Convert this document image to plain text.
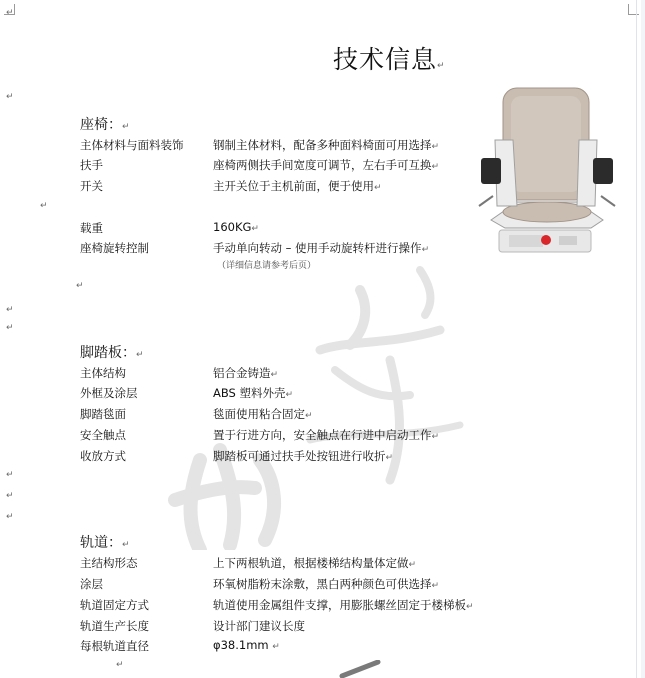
技术信息↵
↵
↵
↵
↵
↵
↵
↵
↵
↵
↵
座椅：↵
主体材料与面料装饰	钢制主体材料，配备多种面料椅面可用选择↵
扶手	座椅两侧扶手间宽度可调节，左右手可互换↵
开关	主开关位于主机前面，便于使用↵
载重	160KG↵
座椅旋转控制	手动单向转动 – 使用手动旋转杆进行操作↵
（详细信息请参考后页）
脚踏板：↵
主体结构	铝合金铸造↵
外框及涂层	ABS 塑料外壳↵
脚踏毯面	毯面使用粘合固定↵
安全触点	置于行进方向，安全触点在行进中启动工作↵
收放方式	脚踏板可通过扶手处按钮进行收折↵
轨道：↵
主结构形态	上下两根轨道，根据楼梯结构量体定做↵
涂层	环氧树脂粉末涂敷，黑白两种颜色可供选择↵
轨道固定方式	轨道使用金属组件支撑，用膨胀螺丝固定于楼梯板↵
轨道生产长度	设计部门建议长度
每根轨道直径	φ38.1mm ↵
